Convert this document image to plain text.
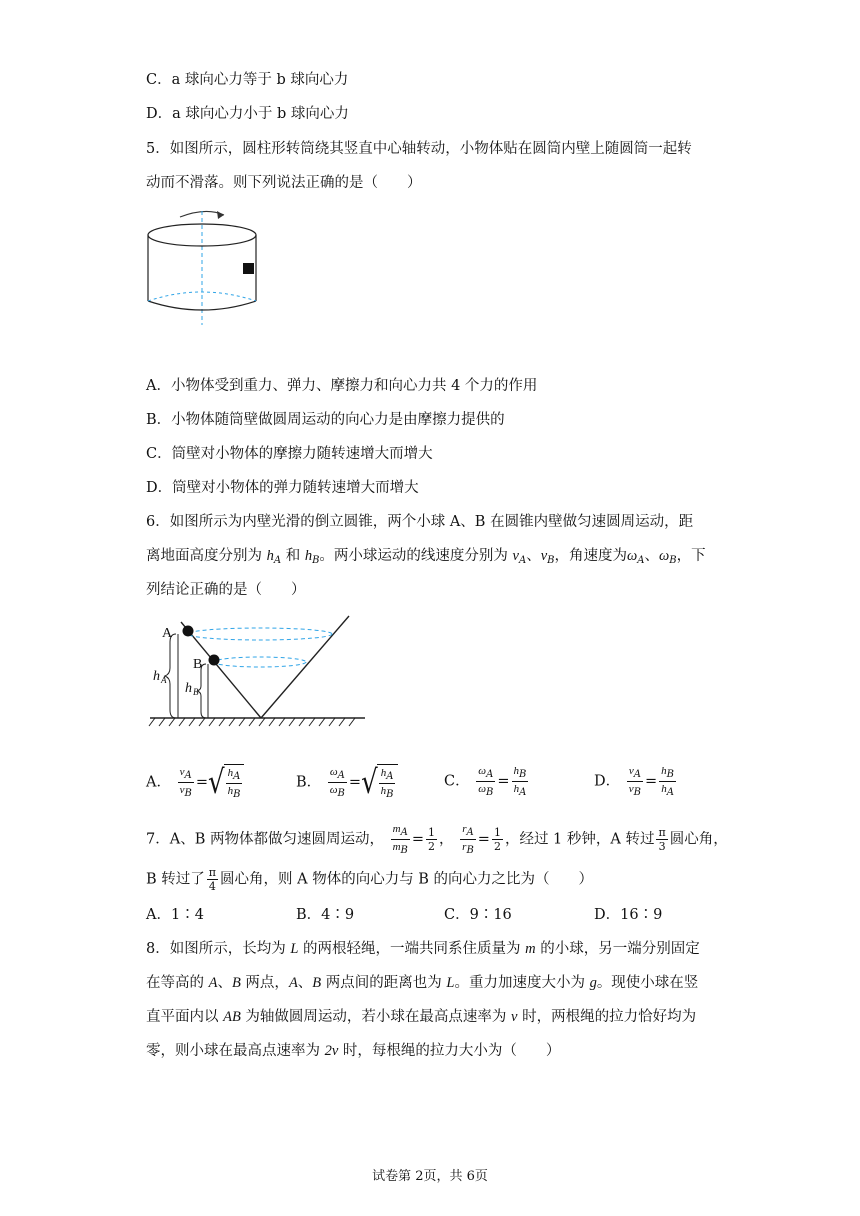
C．a 球向心力等于 b 球向心力
D．a 球向心力小于 b 球向心力
5．如图所示，圆柱形转筒绕其竖直中心轴转动，小物体贴在圆筒内壁上随圆筒一起转
动而不滑落。则下列说法正确的是（　　）
A．小物体受到重力、弹力、摩擦力和向心力共 4 个力的作用
B．小物体随筒壁做圆周运动的向心力是由摩擦力提供的
C．筒壁对小物体的摩擦力随转速增大而增大
D．筒壁对小物体的弹力随转速增大而增大
6．如图所示为内壁光滑的倒立圆锥，两个小球 A、B 在圆锥内壁做匀速圆周运动，距
离地面高度分别为 $h_A$ 和 $h_B$。两小球运动的线速度分别为 $v_A$、$v_B$，角速度为$\omega_A$、$\omega_B$，下
列结论正确的是（　　）
A
B
h A
h B
A． $\frac{vA}{vB}$ = √ $\frac{hA}{hB}$	B． $\frac{\omega A}{\omega B}$ = √ $\frac{hA}{hB}$	C． $\frac{\omega A}{\omega B} = \frac{hB}{hA}$	D． $\frac{vA}{vB} = \frac{hB}{hA}$
7．A、B 两物体都做匀速圆周运动， $\frac{mA}{mB} = \frac{1}{2}$ ， $\frac{rA}{rB} = \frac{1}{2}$ ，经过 1 秒钟，A 转过 $\frac{\pi}{3}$ 圆心角，
B 转过了 $\frac{\pi}{4}$ 圆心角，则 A 物体的向心力与 B 的向心力之比为（　　）
A．1∶4	B．4∶9	C．9∶16	D．16∶9
8．如图所示，长均为 L 的两根轻绳，一端共同系住质量为 m 的小球，另一端分别固定
在等高的 A、B 两点，A、B 两点间的距离也为 L。重力加速度大小为 g。现使小球在竖
直平面内以 AB 为轴做圆周运动，若小球在最高点速率为 v 时，两根绳的拉力恰好均为
零，则小球在最高点速率为 2v 时，每根绳的拉力大小为（　　）
试卷第 2页，共 6页
